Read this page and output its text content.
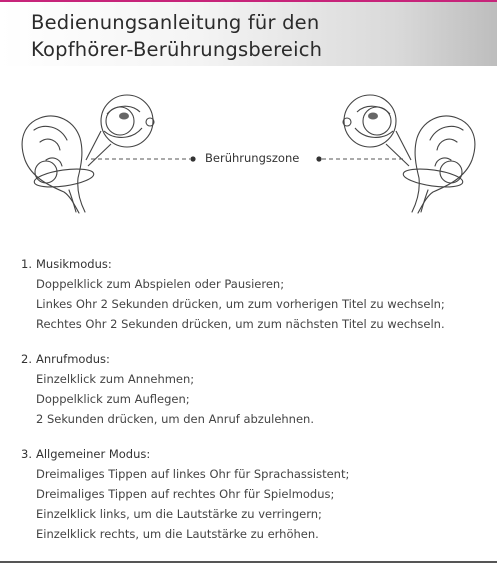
Bedienungsanleitung für den
Kopfhörer-Berührungsbereich
Berührungszone
1. Musikmodus:
Doppelklick zum Abspielen oder Pausieren;
Linkes Ohr 2 Sekunden drücken, um zum vorherigen Titel zu wechseln;
Rechtes Ohr 2 Sekunden drücken, um zum nächsten Titel zu wechseln.
2. Anrufmodus:
Einzelklick zum Annehmen;
Doppelklick zum Auflegen;
2 Sekunden drücken, um den Anruf abzulehnen.
3. Allgemeiner Modus:
Dreimaliges Tippen auf linkes Ohr für Sprachassistent;
Dreimaliges Tippen auf rechtes Ohr für Spielmodus;
Einzelklick links, um die Lautstärke zu verringern;
Einzelklick rechts, um die Lautstärke zu erhöhen.
